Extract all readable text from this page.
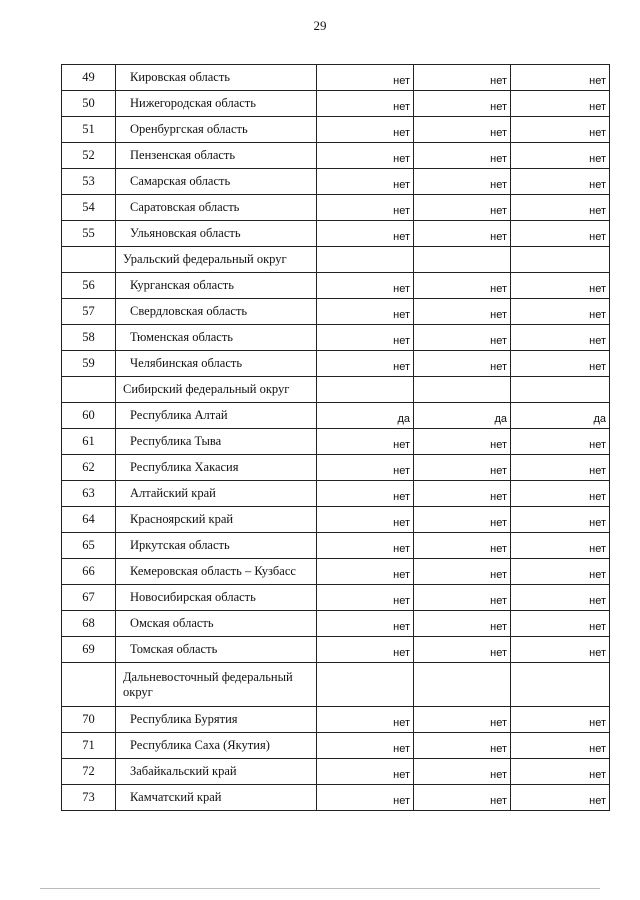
29
49	Кировская область	нет	нет	нет
50	Нижегородская область	нет	нет	нет
51	Оренбургская область	нет	нет	нет
52	Пензенская область	нет	нет	нет
53	Самарская область	нет	нет	нет
54	Саратовская область	нет	нет	нет
55	Ульяновская область	нет	нет	нет
	Уральский федеральный округ			
56	Курганская область	нет	нет	нет
57	Свердловская область	нет	нет	нет
58	Тюменская область	нет	нет	нет
59	Челябинская область	нет	нет	нет
	Сибирский федеральный округ			
60	Республика Алтай	да	да	да
61	Республика Тыва	нет	нет	нет
62	Республика Хакасия	нет	нет	нет
63	Алтайский край	нет	нет	нет
64	Красноярский край	нет	нет	нет
65	Иркутская область	нет	нет	нет
66	Кемеровская область – Кузбасс	нет	нет	нет
67	Новосибирская область	нет	нет	нет
68	Омская область	нет	нет	нет
69	Томская область	нет	нет	нет
	Дальневосточный федеральный округ			
70	Республика Бурятия	нет	нет	нет
71	Республика Саха (Якутия)	нет	нет	нет
72	Забайкальский край	нет	нет	нет
73	Камчатский край	нет	нет	нет
